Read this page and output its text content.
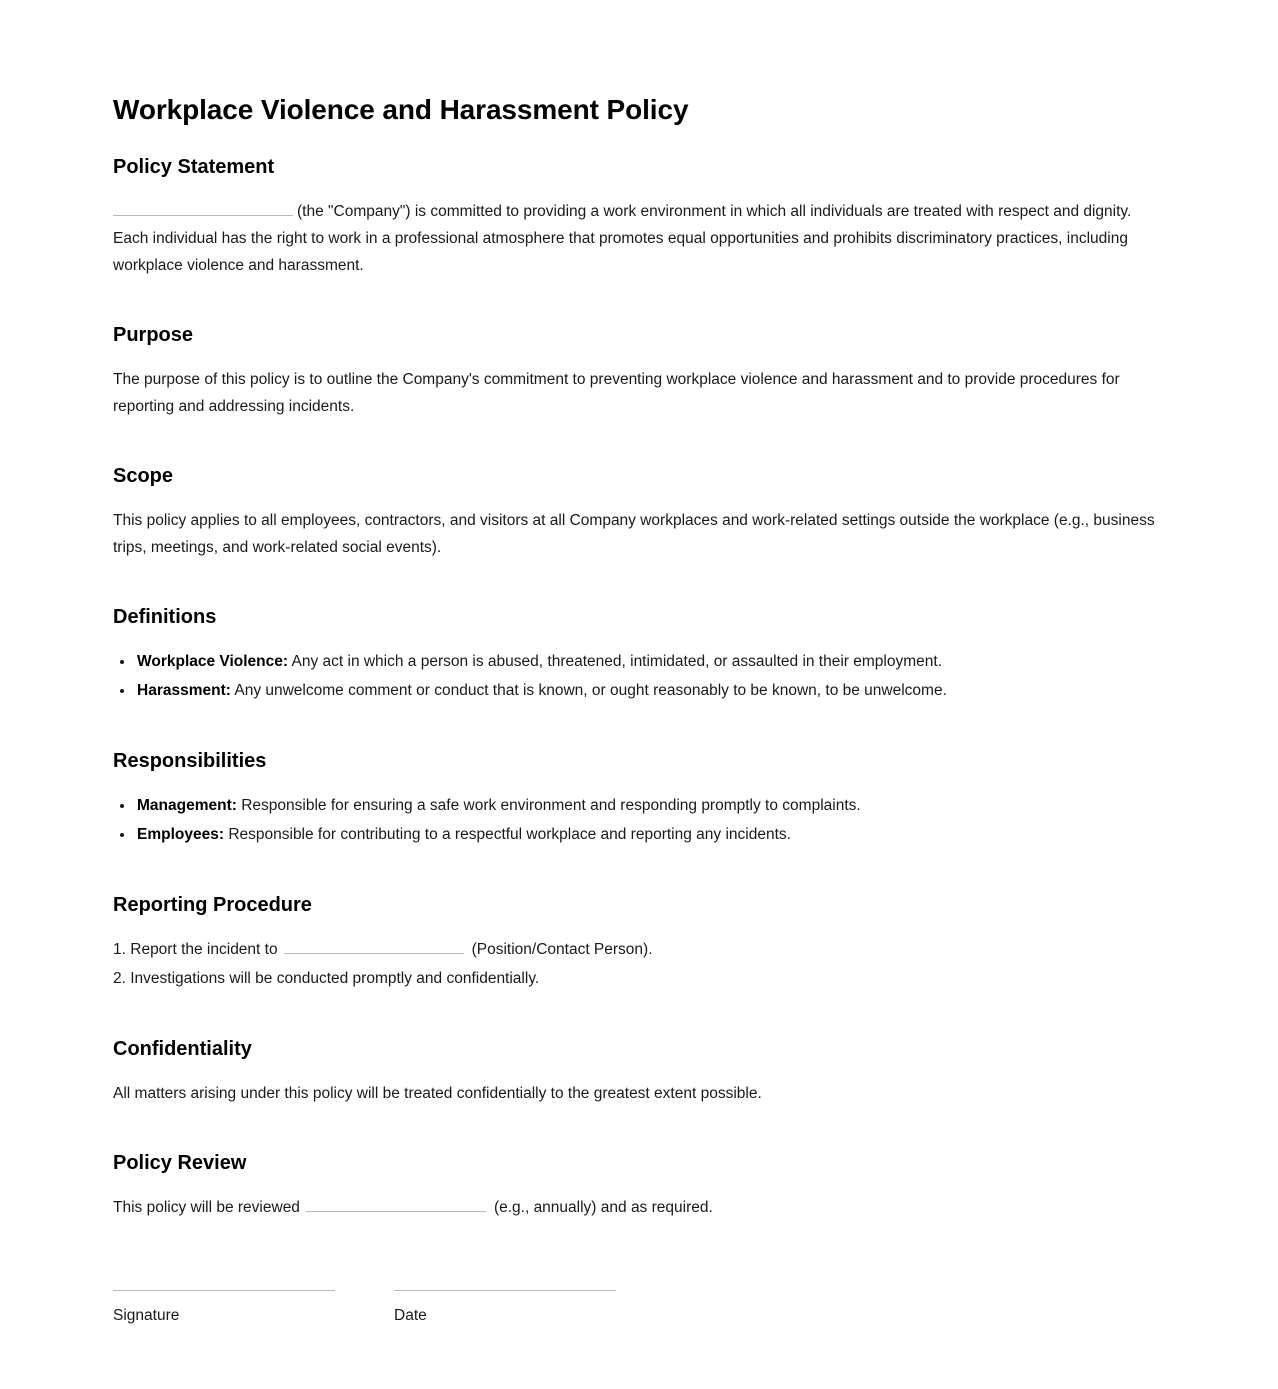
Workplace Violence and Harassment Policy
Policy Statement

(the "Company") is committed to providing a work environment in which all individuals are treated with respect and dignity. Each individual has the right to work in a professional atmosphere that promotes equal opportunities and prohibits discriminatory practices, including workplace violence and harassment.

Purpose

The purpose of this policy is to outline the Company's commitment to preventing workplace violence and harassment and to provide procedures for reporting and addressing incidents.

Scope

This policy applies to all employees, contractors, and visitors at all Company workplaces and work-related settings outside the workplace (e.g., business trips, meetings, and work-related social events).

Definitions
• Workplace Violence: Any act in which a person is abused, threatened, intimidated, or assaulted in their employment.
• Harassment: Any unwelcome comment or conduct that is known, or ought reasonably to be known, to be unwelcome.
Responsibilities
• Management: Responsible for ensuring a safe work environment and responding promptly to complaints.
• Employees: Responsible for contributing to a respectful workplace and reporting any incidents.
Reporting Procedure
Report the incident to	(Position/Contact Person).
Investigations will be conducted promptly and confidentially.
Confidentiality

All matters arising under this policy will be treated confidentially to the greatest extent possible.

Policy Review

This policy will be reviewed	(e.g., annually) and as required.

Signature	Date
